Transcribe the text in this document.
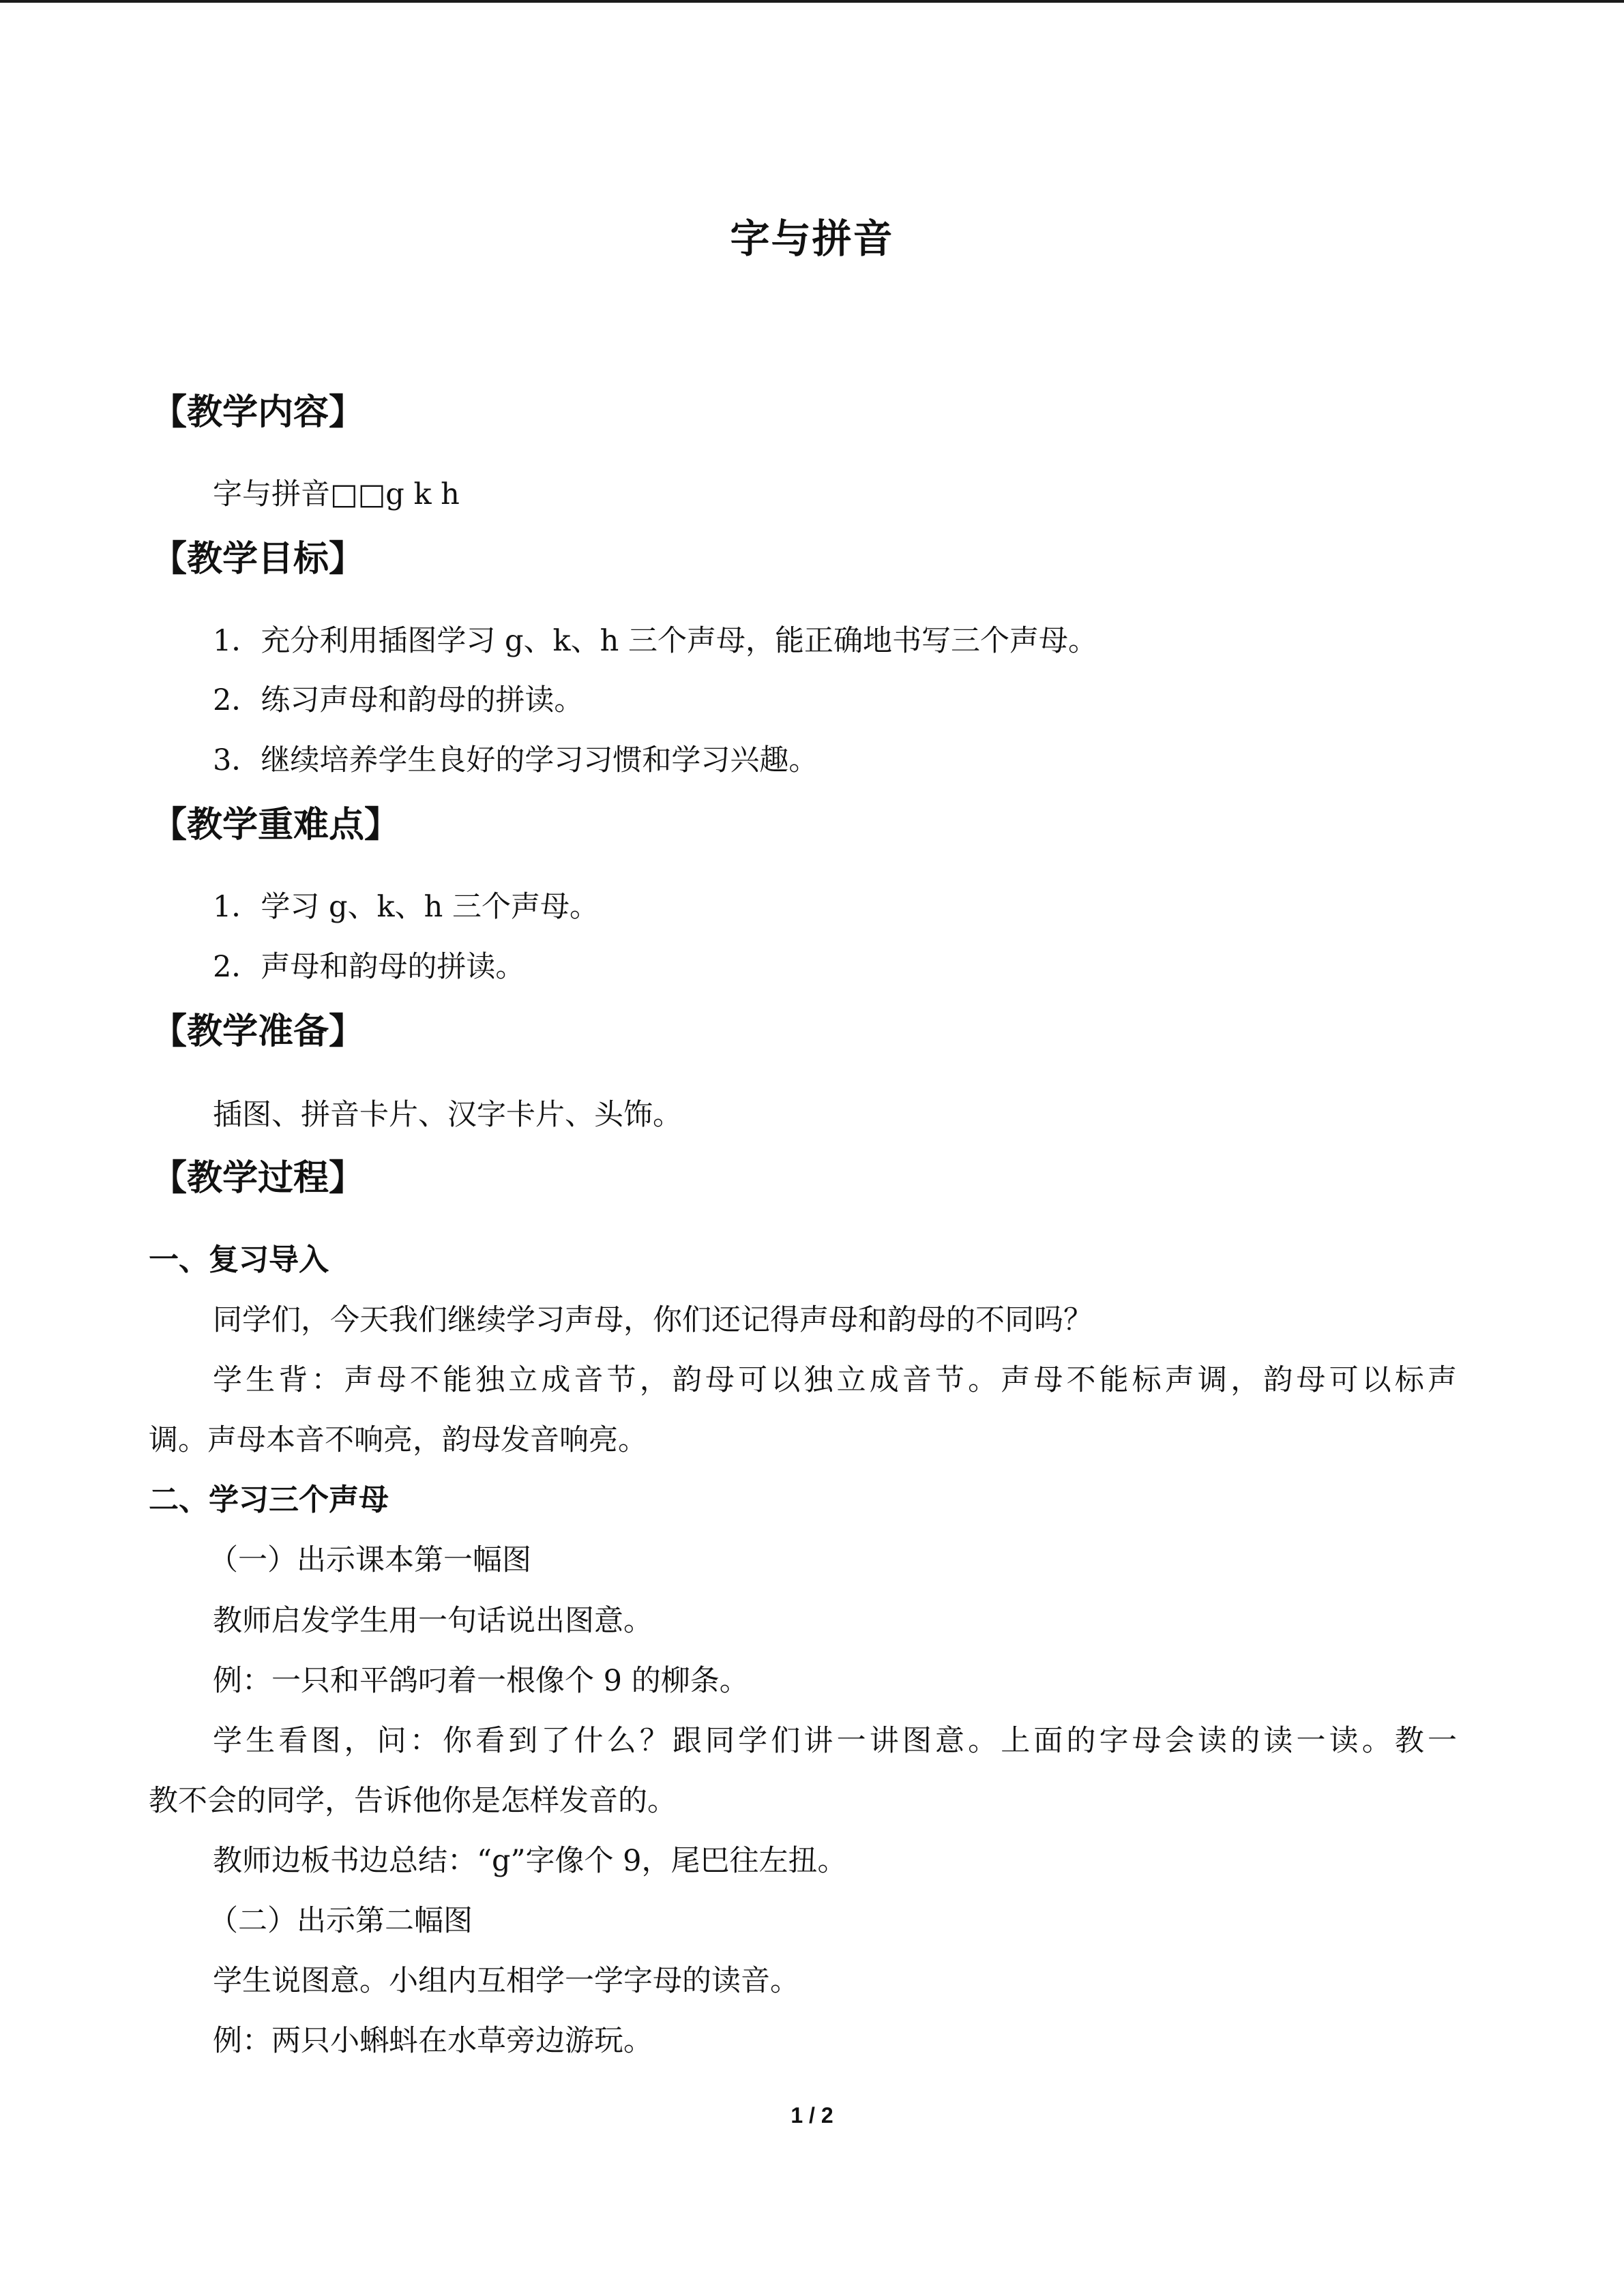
字与拼音
【教学内容】
字与拼音□□g k h
【教学目标】
1．充分利用插图学习 g、k、h 三个声母，能正确地书写三个声母。
2．练习声母和韵母的拼读。
3．继续培养学生良好的学习习惯和学习兴趣。
【教学重难点】
1．学习 g、k、h 三个声母。
2．声母和韵母的拼读。
【教学准备】
插图、拼音卡片、汉字卡片、头饰。
【教学过程】
一、复习导入
同学们，今天我们继续学习声母，你们还记得声母和韵母的不同吗？
学生背：声母不能独立成音节，韵母可以独立成音节。声母不能标声调，韵母可以标声
调。声母本音不响亮，韵母发音响亮。
二、学习三个声母
（一）出示课本第一幅图
教师启发学生用一句话说出图意。
例：一只和平鸽叼着一根像个 9 的柳条。
学生看图，问：你看到了什么？跟同学们讲一讲图意。上面的字母会读的读一读。教一
教不会的同学，告诉他你是怎样发音的。
教师边板书边总结：“g”字像个 9，尾巴往左扭。
（二）出示第二幅图
学生说图意。小组内互相学一学字母的读音。
例：两只小蝌蚪在水草旁边游玩。
1 / 2
